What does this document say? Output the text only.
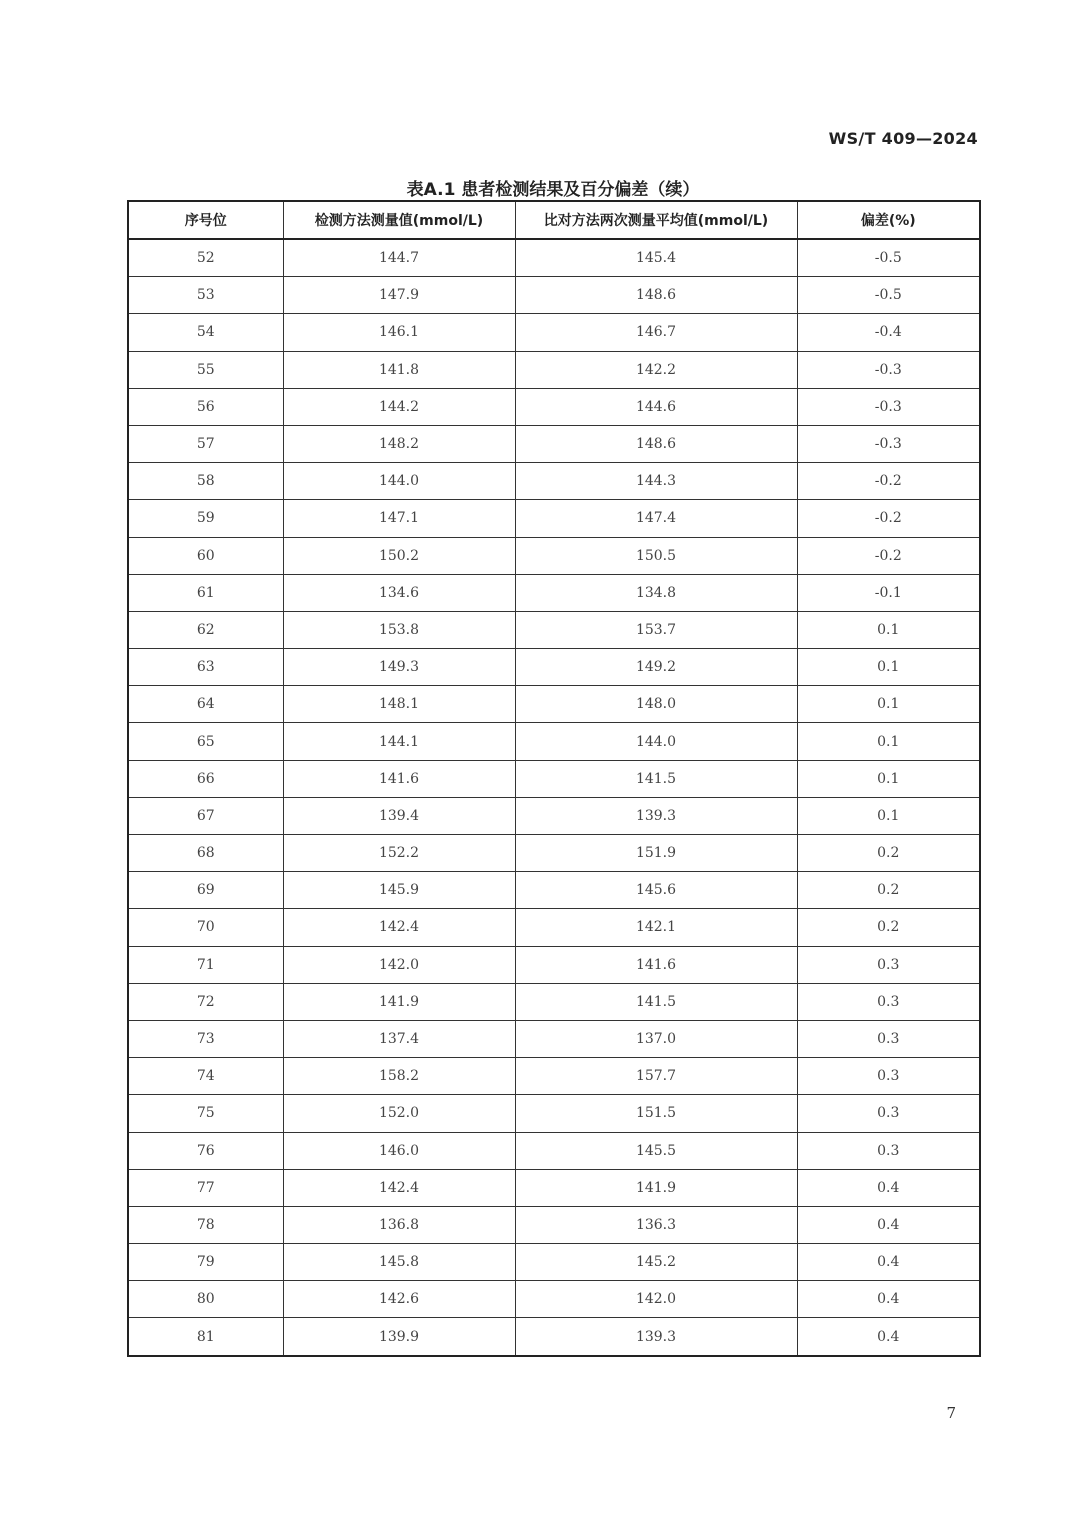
WS/T 409—2024
表A.1 患者检测结果及百分偏差（续）
序号位	检测方法测量值(mmol/L)	比对方法两次测量平均值(mmol/L)	偏差(%)
52	144.7	145.4	-0.5
53	147.9	148.6	-0.5
54	146.1	146.7	-0.4
55	141.8	142.2	-0.3
56	144.2	144.6	-0.3
57	148.2	148.6	-0.3
58	144.0	144.3	-0.2
59	147.1	147.4	-0.2
60	150.2	150.5	-0.2
61	134.6	134.8	-0.1
62	153.8	153.7	0.1
63	149.3	149.2	0.1
64	148.1	148.0	0.1
65	144.1	144.0	0.1
66	141.6	141.5	0.1
67	139.4	139.3	0.1
68	152.2	151.9	0.2
69	145.9	145.6	0.2
70	142.4	142.1	0.2
71	142.0	141.6	0.3
72	141.9	141.5	0.3
73	137.4	137.0	0.3
74	158.2	157.7	0.3
75	152.0	151.5	0.3
76	146.0	145.5	0.3
77	142.4	141.9	0.4
78	136.8	136.3	0.4
79	145.8	145.2	0.4
80	142.6	142.0	0.4
81	139.9	139.3	0.4
7
